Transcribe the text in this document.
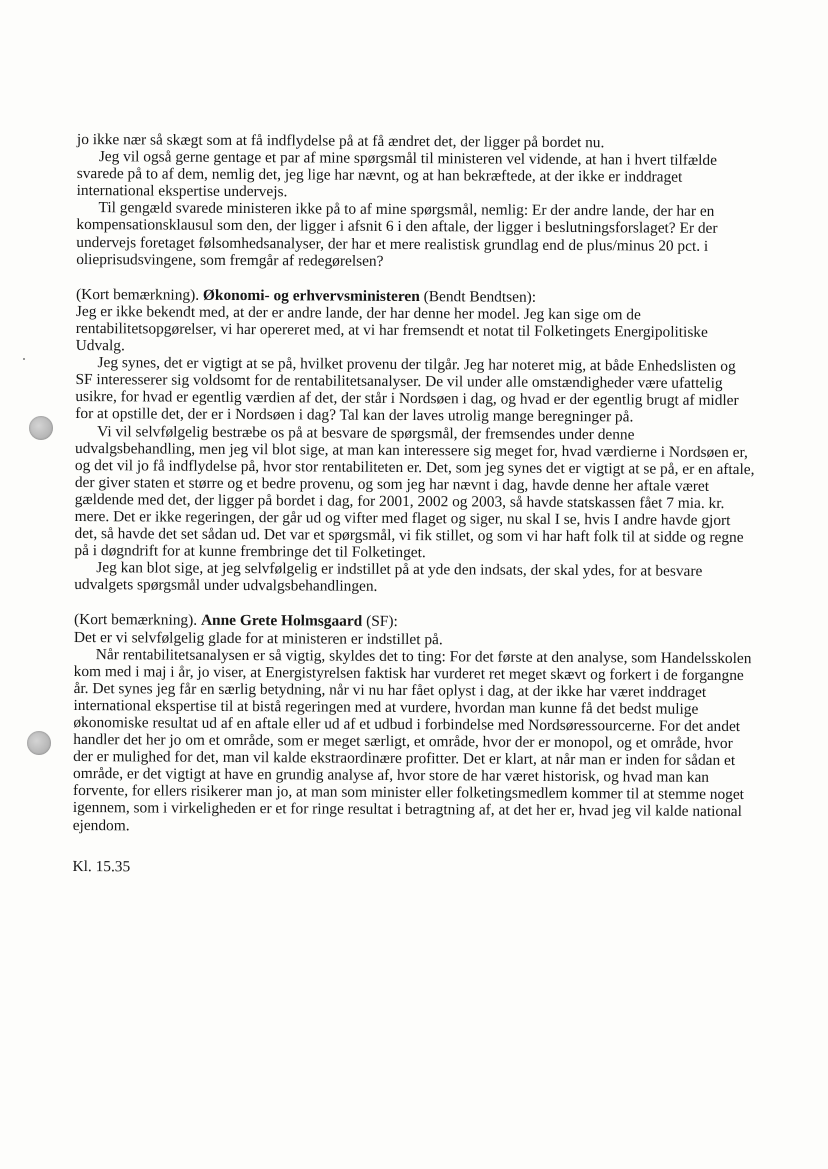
jo ikke nær så skægt som at få indflydelse på at få ændret det, der ligger på bordet nu.

Jeg vil også gerne gentage et par af mine spørgsmål til ministeren vel vidende, at han i hvert tilfælde svarede på to af dem, nemlig det, jeg lige har nævnt, og at han bekræftede, at der ikke er inddraget international ekspertise undervejs.

Til gengæld svarede ministeren ikke på to af mine spørgsmål, nemlig: Er der andre lande, der har en kompensationsklausul som den, der ligger i afsnit 6 i den aftale, der ligger i beslutningsforslaget? Er der undervejs foretaget følsomhedsanalyser, der har et mere realistisk grundlag end de plus/minus 20 pct. i olieprisudsvingene, som fremgår af redegørelsen?

(Kort bemærkning). Økonomi- og erhvervsministeren (Bendt Bendtsen):

Jeg er ikke bekendt med, at der er andre lande, der har denne her model. Jeg kan sige om de rentabilitetsopgørelser, vi har opereret med, at vi har fremsendt et notat til Folketingets Energipolitiske Udvalg.

Jeg synes, det er vigtigt at se på, hvilket provenu der tilgår. Jeg har noteret mig, at både Enhedslisten og SF interesserer sig voldsomt for de rentabilitetsanalyser. De vil under alle omstændigheder være ufattelig usikre, for hvad er egentlig værdien af det, der står i Nordsøen i dag, og hvad er der egentlig brugt af midler for at opstille det, der er i Nordsøen i dag? Tal kan der laves utrolig mange beregninger på.

Vi vil selvfølgelig bestræbe os på at besvare de spørgsmål, der fremsendes under denne udvalgsbehandling, men jeg vil blot sige, at man kan interessere sig meget for, hvad værdierne i Nordsøen er, og det vil jo få indflydelse på, hvor stor rentabiliteten er. Det, som jeg synes det er vigtigt at se på, er en aftale, der giver staten et større og et bedre provenu, og som jeg har nævnt i dag, havde denne her aftale været gældende med det, der ligger på bordet i dag, for 2001, 2002 og 2003, så havde statskassen fået 7 mia. kr. mere. Det er ikke regeringen, der går ud og vifter med flaget og siger, nu skal I se, hvis I andre havde gjort det, så havde det set sådan ud. Det var et spørgsmål, vi fik stillet, og som vi har haft folk til at sidde og regne på i døgndrift for at kunne frembringe det til Folketinget.

Jeg kan blot sige, at jeg selvfølgelig er indstillet på at yde den indsats, der skal ydes, for at besvare udvalgets spørgsmål under udvalgsbehandlingen.

(Kort bemærkning). Anne Grete Holmsgaard (SF):

Det er vi selvfølgelig glade for at ministeren er indstillet på.

Når rentabilitetsanalysen er så vigtig, skyldes det to ting: For det første at den analyse, som Handelsskolen kom med i maj i år, jo viser, at Energistyrelsen faktisk har vurderet ret meget skævt og forkert i de forgangne år. Det synes jeg får en særlig betydning, når vi nu har fået oplyst i dag, at der ikke har været inddraget international ekspertise til at bistå regeringen med at vurdere, hvordan man kunne få det bedst mulige økonomiske resultat ud af en aftale eller ud af et udbud i forbindelse med Nordsøressourcerne. For det andet handler det her jo om et område, som er meget særligt, et område, hvor der er monopol, og et område, hvor der er mulighed for det, man vil kalde ekstraordinære profitter. Det er klart, at når man er inden for sådan et område, er det vigtigt at have en grundig analyse af, hvor store de har været historisk, og hvad man kan forvente, for ellers risikerer man jo, at man som minister eller folketingsmedlem kommer til at stemme noget igennem, som i virkeligheden er et for ringe resultat i betragtning af, at det her er, hvad jeg vil kalde national ejendom.

Kl. 15.35
